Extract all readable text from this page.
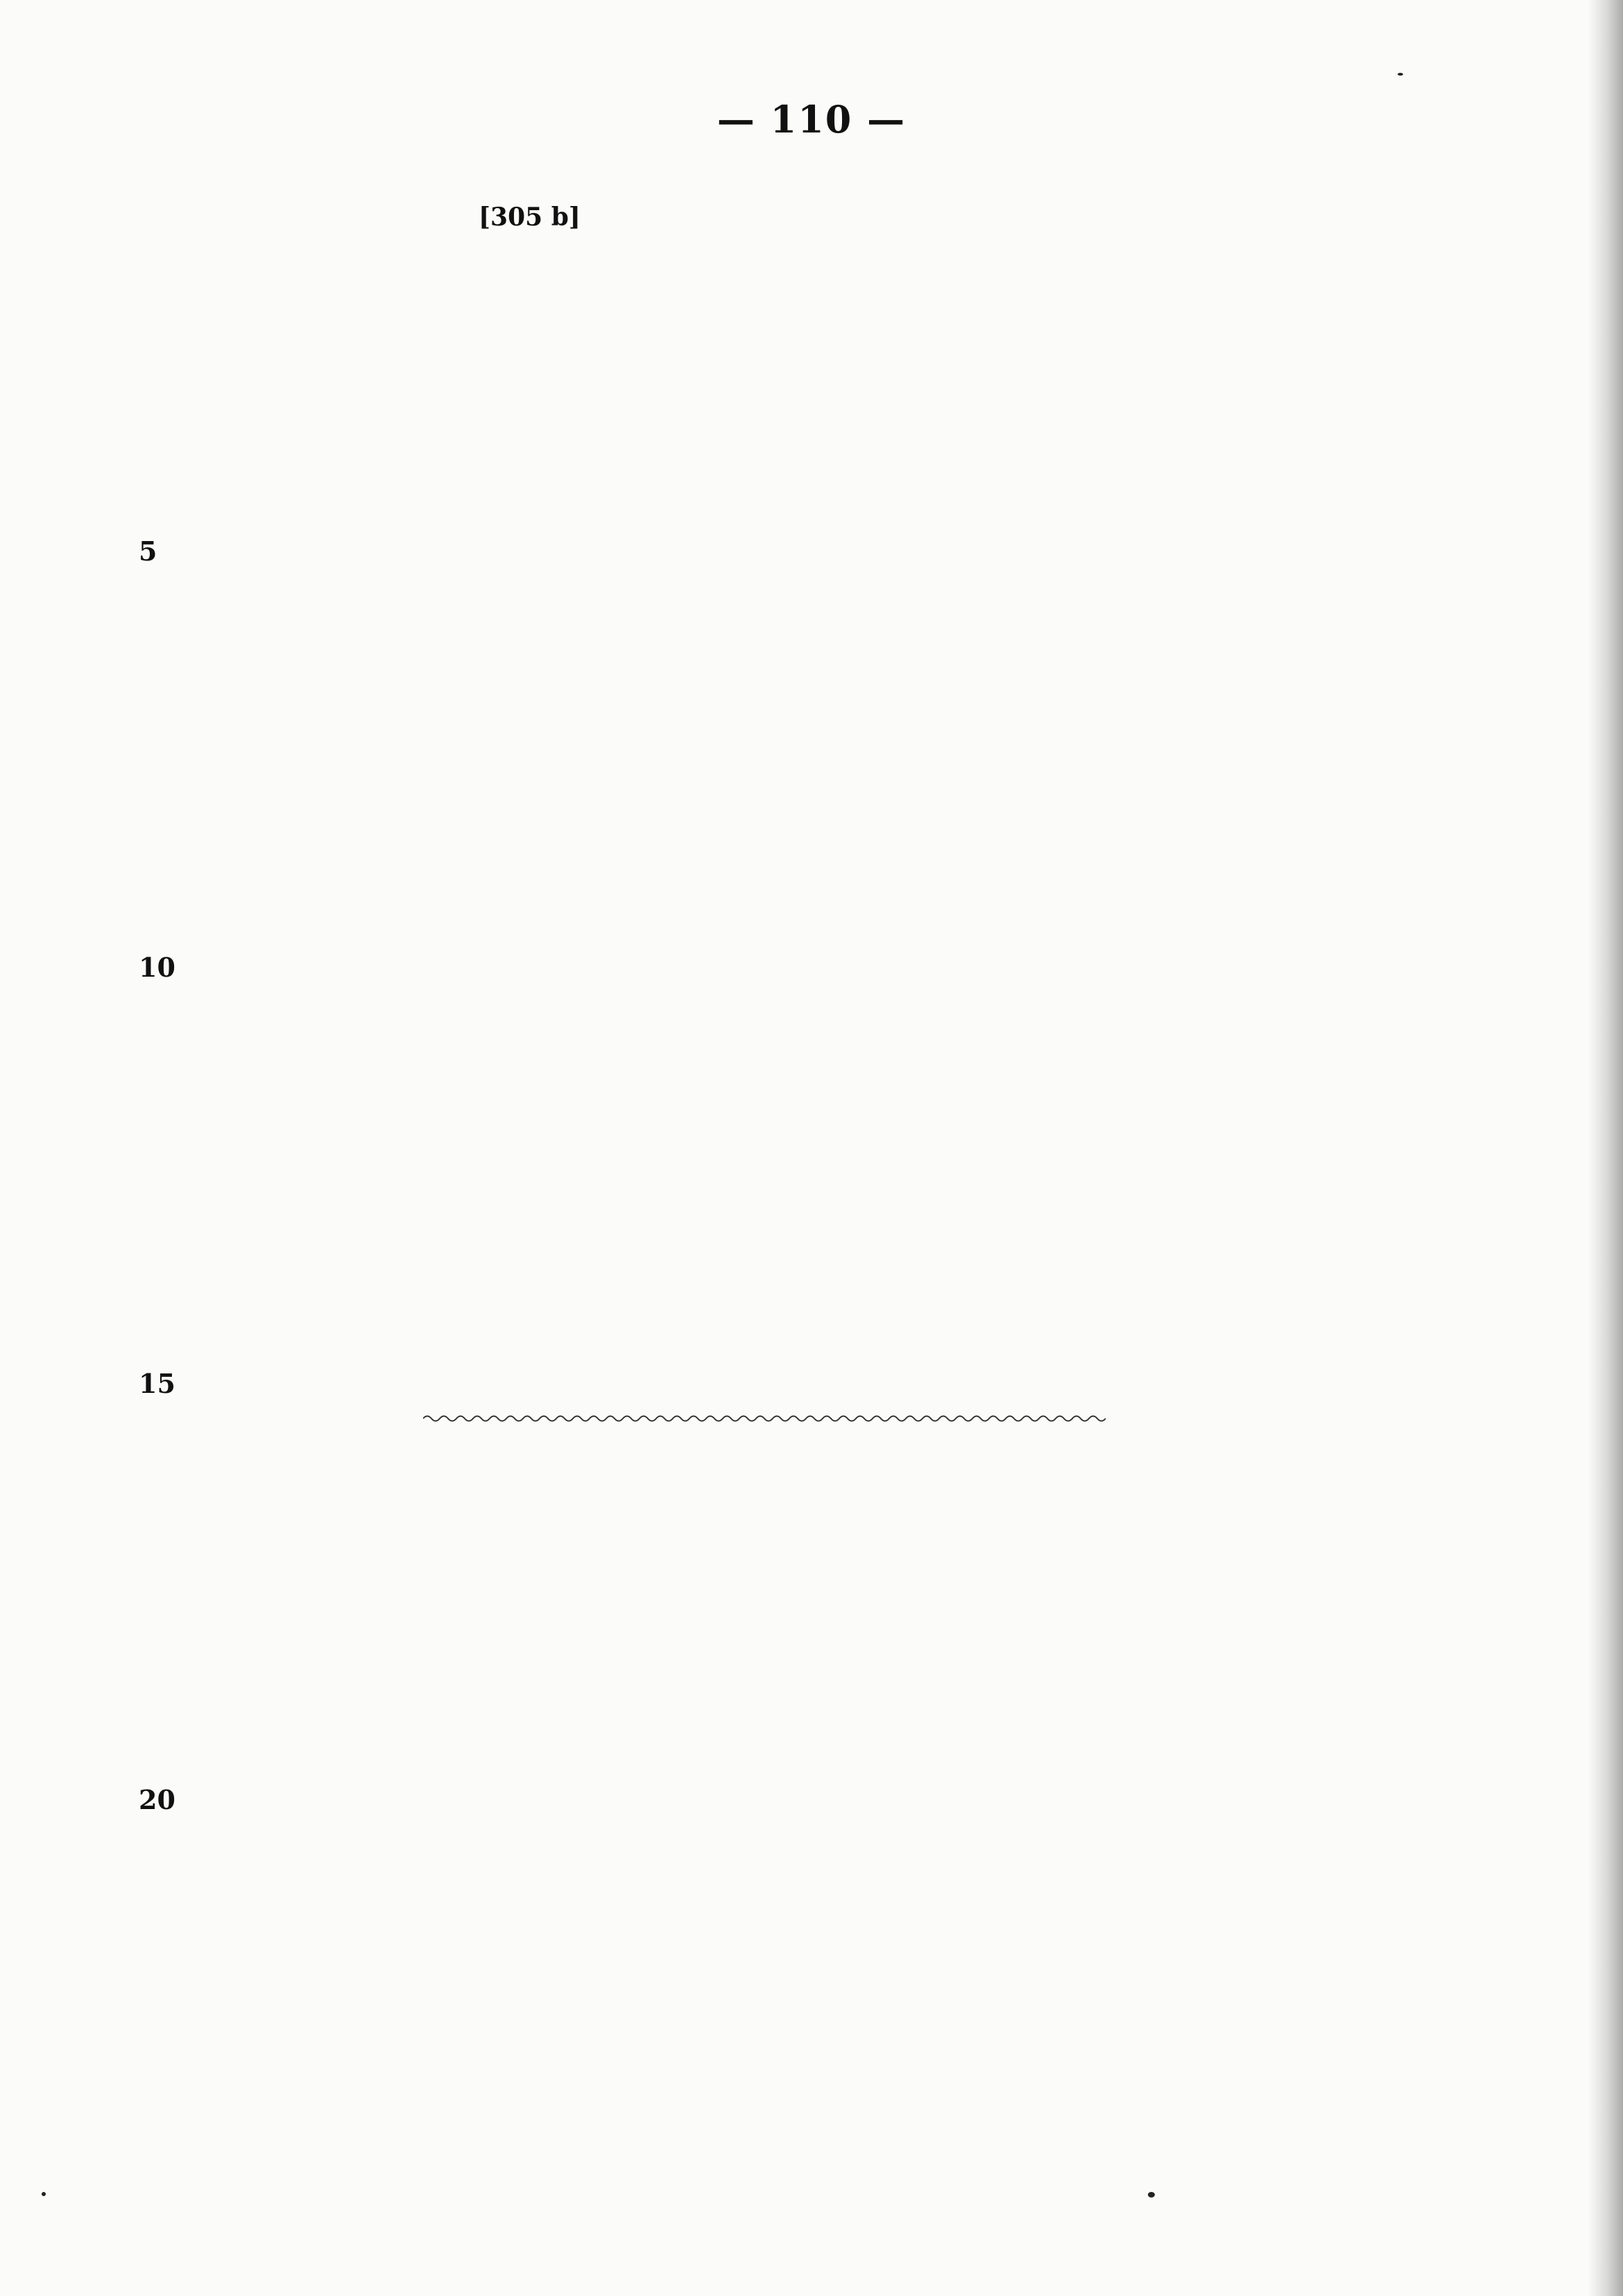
— 110 —
[305 b]
5
10
15
20
